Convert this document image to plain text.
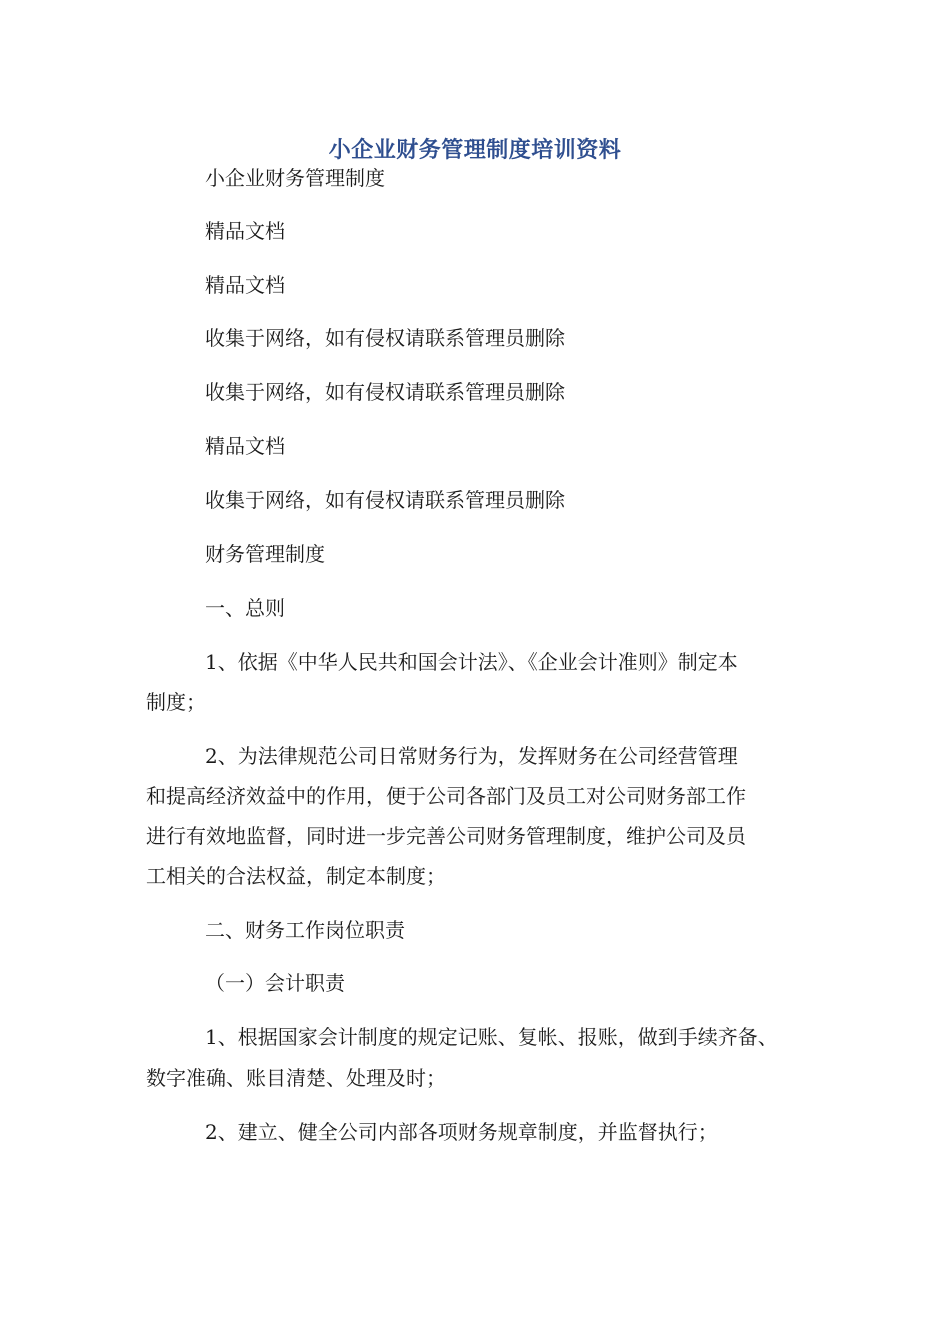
小企业财务管理制度培训资料
小企业财务管理制度
精品文档
精品文档
收集于网络，如有侵权请联系管理员删除
收集于网络，如有侵权请联系管理员删除
精品文档
收集于网络，如有侵权请联系管理员删除
财务管理制度
一、总则
1、依据《中华人民共和国会计法》、《企业会计准则》制定本
制度；
2、为法律规范公司日常财务行为，发挥财务在公司经营管理
和提高经济效益中的作用，便于公司各部门及员工对公司财务部工作
进行有效地监督，同时进一步完善公司财务管理制度，维护公司及员
工相关的合法权益，制定本制度；
二、财务工作岗位职责
（一）会计职责
1、根据国家会计制度的规定记账、复帐、报账，做到手续齐备、
数字准确、账目清楚、处理及时；
2、建立、健全公司内部各项财务规章制度，并监督执行；
